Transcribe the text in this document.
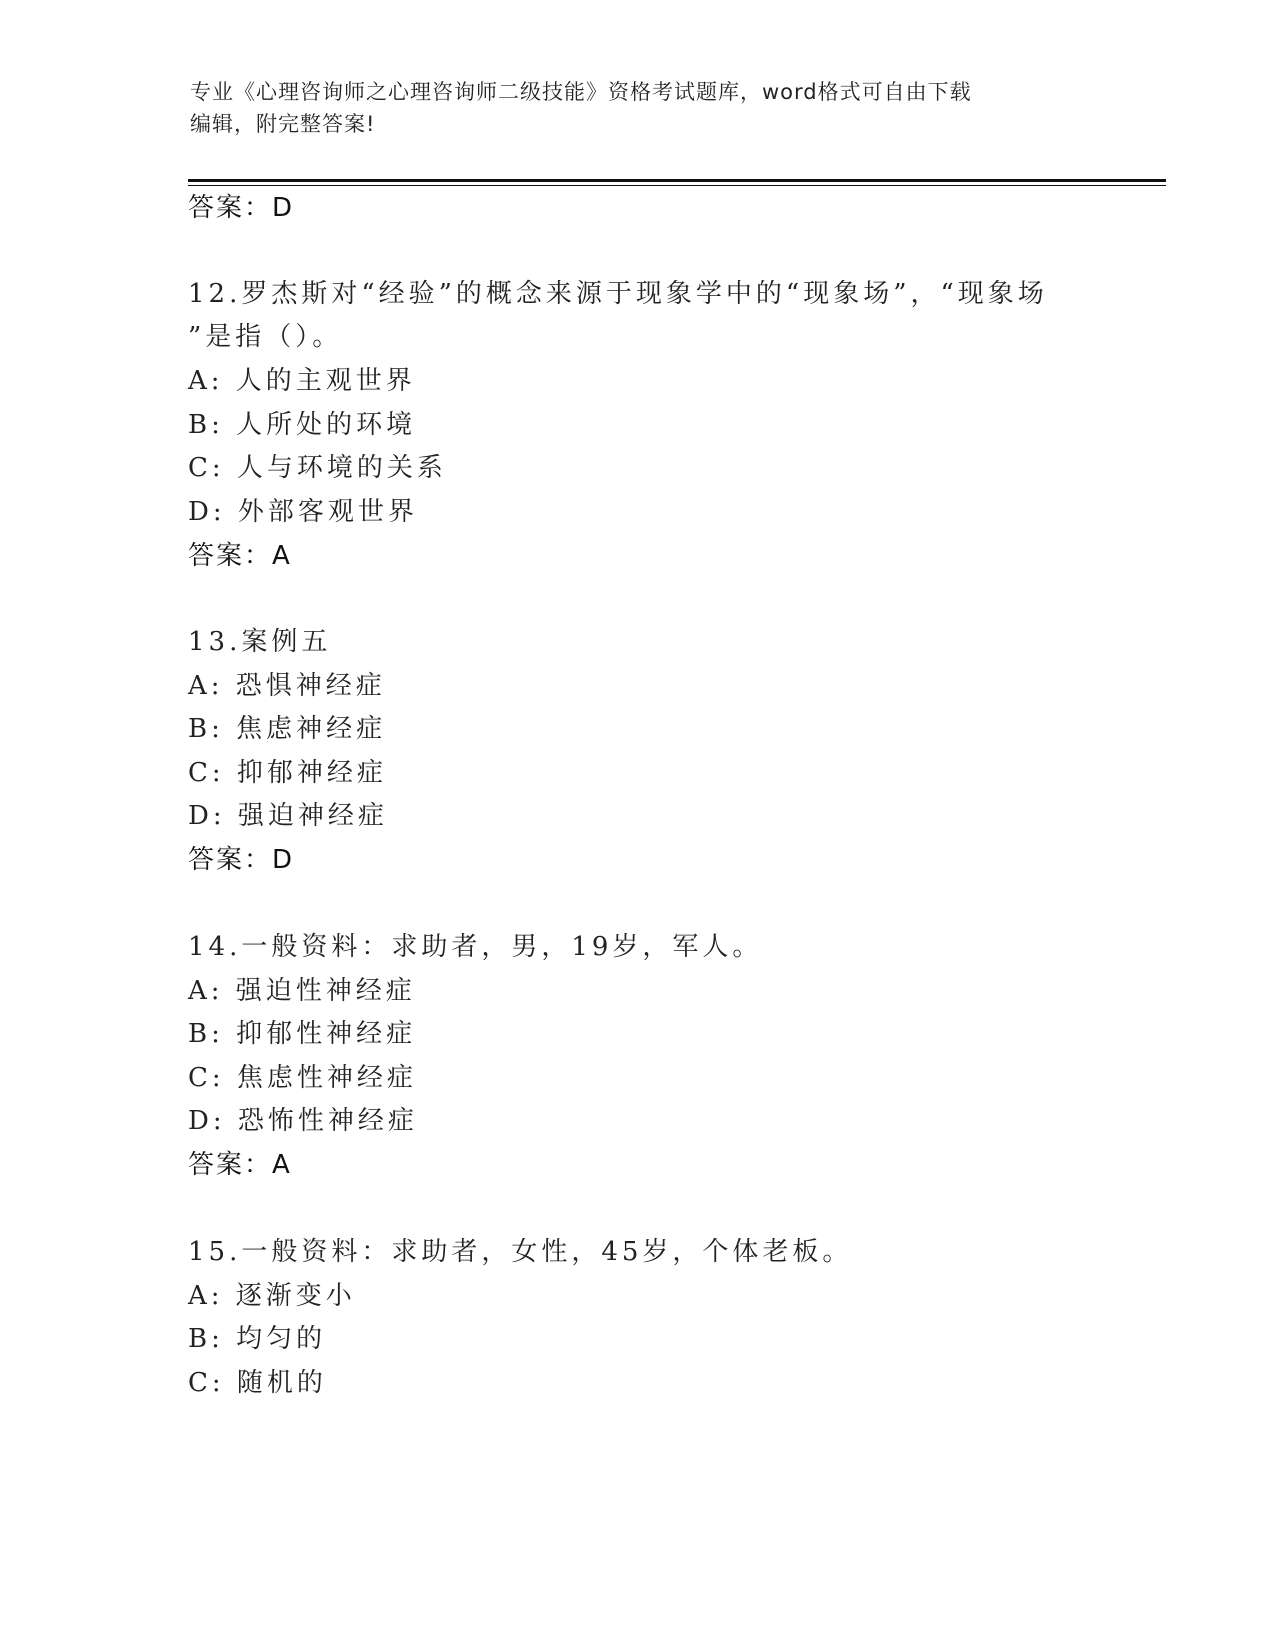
专业《心理咨询师之心理咨询师二级技能》资格考试题库，word格式可自由下载
编辑，附完整答案!
答案：D
12.罗杰斯对“经验”的概念来源于现象学中的“现象场”，“现象场
”是指（）。
A: 人的主观世界
B: 人所处的环境
C: 人与环境的关系
D: 外部客观世界
答案：A
13.案例五
A: 恐惧神经症
B: 焦虑神经症
C: 抑郁神经症
D: 强迫神经症
答案：D
14.一般资料：求助者，男，19岁，军人。
A: 强迫性神经症
B: 抑郁性神经症
C: 焦虑性神经症
D: 恐怖性神经症
答案：A
15.一般资料：求助者，女性，45岁，个体老板。
A: 逐渐变小
B: 均匀的
C: 随机的
